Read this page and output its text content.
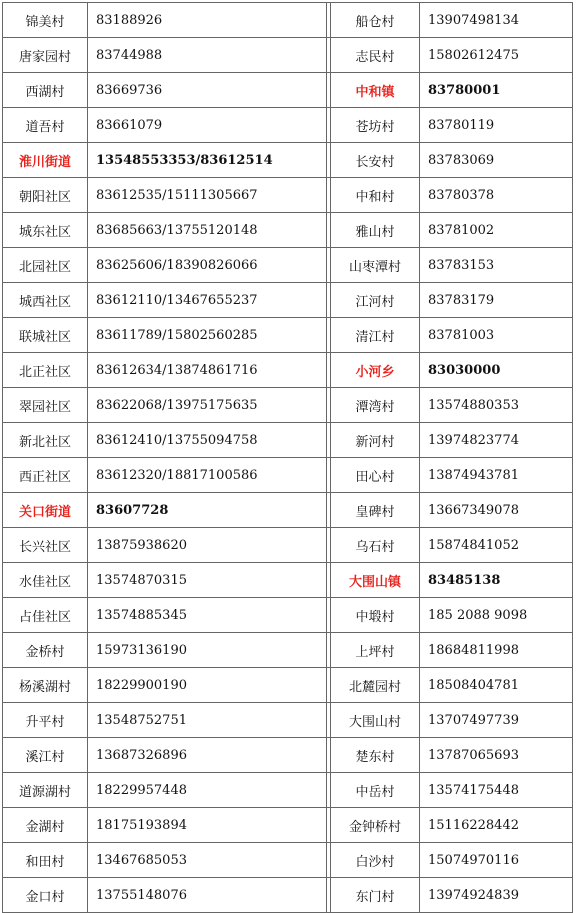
锦美村	83188926		船仓村	13907498134
唐家园村	83744988		志民村	15802612475
西湖村	83669736		中和镇	83780001
道吾村	83661079		苍坊村	83780119
淮川街道	13548553353/83612514		长安村	83783069
朝阳社区	83612535/15111305667		中和村	83780378
城东社区	83685663/13755120148		雅山村	83781002
北园社区	83625606/18390826066		山枣潭村	83783153
城西社区	83612110/13467655237		江河村	83783179
联城社区	83611789/15802560285		清江村	83781003
北正社区	83612634/13874861716		小河乡	83030000
翠园社区	83622068/13975175635		潭湾村	13574880353
新北社区	83612410/13755094758		新河村	13974823774
西正社区	83612320/18817100586		田心村	13874943781
关口街道	83607728		皇碑村	13667349078
长兴社区	13875938620		乌石村	15874841052
水佳社区	13574870315		大围山镇	83485138
占佳社区	13574885345		中塅村	185 2088 9098
金桥村	15973136190		上坪村	18684811998
杨溪湖村	18229900190		北麓园村	18508404781
升平村	13548752751		大围山村	13707497739
溪江村	13687326896		楚东村	13787065693
道源湖村	18229957448		中岳村	13574175448
金湖村	18175193894		金钟桥村	15116228442
和田村	13467685053		白沙村	15074970116
金口村	13755148076		东门村	13974924839
